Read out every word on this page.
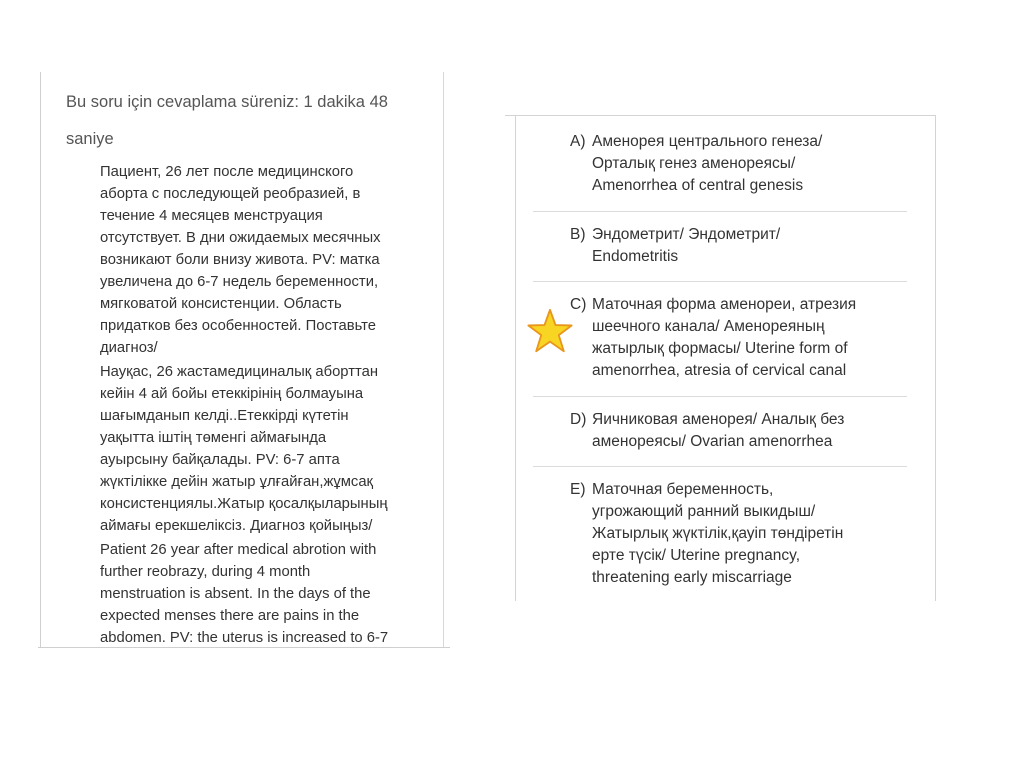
Bu soru için cevaplama süreniz: 1 dakika 48
saniye
Пациент, 26 лет после медицинского
аборта с последующей реобразией, в
течение 4 месяцев менструация
отсутствует. В дни ожидаемых месячных
возникают боли внизу живота. PV: матка
увеличена до 6-7 недель беременности,
мягковатой консистенции. Область
придатков без особенностей. Поставьте
диагноз/
Науқас, 26 жастамедициналық аборттан
кейін 4 ай бойы етеккірінің болмауына
шағымданып келді..Етеккірді күтетін
уақытта іштің төменгі аймағында
ауырсыну байқалады. PV: 6-7 апта
жүктілікке дейін жатыр ұлғайған,жұмсақ
консистенциялы.Жатыр қосалқыларының
аймағы ерекшеліксіз. Диагноз қойыңыз/
Patient 26 year after medical abrotion with
further reobrazy, during 4 month
menstruation is absent. In the days of the
expected menses there are pains in the
abdomen. PV: the uterus is increased to 6-7
A) Аменорея центрального генеза/
Орталық генез аменореясы/
Amenorrhea of central genesis
B) Эндометрит/ Эндометрит/
Endometritis
C) Маточная форма аменореи, атрезия
шеечного канала/ Аменореяның
жатырлық формасы/ Uterine form of
amenorrhea, atresia of cervical canal
D) Яичниковая аменорея/ Аналық без
аменореясы/ Ovarian amenorrhea
E) Маточная беременность,
угрожающий ранний выкидыш/
Жатырлық жүктілік,қауіп төндіретін
ерте түсік/ Uterine pregnancy,
threatening early miscarriage
